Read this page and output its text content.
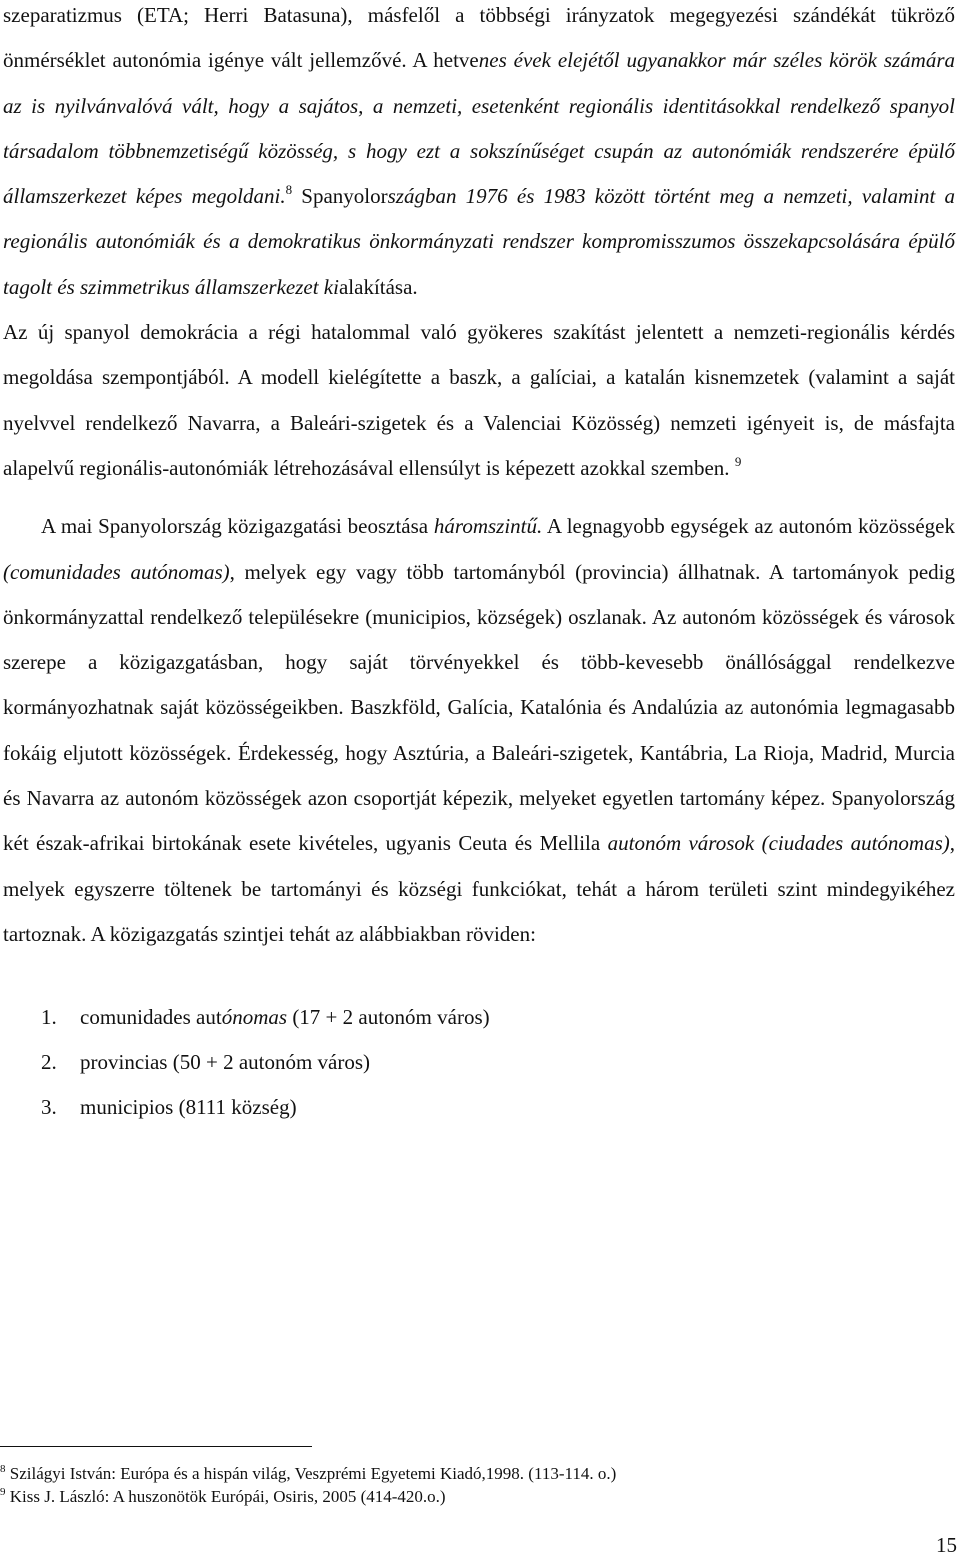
szeparatizmus (ETA; Herri Batasuna), másfelől a többségi irányzatok megegyezési szándékát tükröző önmérséklet autonómia igénye vált jellemzővé. A hetvenes évek elejétől ugyanakkor már széles körök számára az is nyilvánvalóvá vált, hogy a sajátos, a nemzeti, esetenként regionális identitásokkal rendelkező spanyol társadalom többnemzetiségű közösség, s hogy ezt a sokszínűséget csupán az autonómiák rendszerére épülő államszerkezet képes megoldani.$^8$ Spanyolországban 1976 és 1983 között történt meg a nemzeti, valamint a regionális autonómiák és a demokratikus önkormányzati rendszer kompromisszumos összekapcsolására épülő tagolt és szimmetrikus államszerkezet kialakítása.

Az új spanyol demokrácia a régi hatalommal való gyökeres szakítást jelentett a nemzeti-regionális kérdés megoldása szempontjából. A modell kielégítette a baszk, a galíciai, a katalán kisnemzetek (valamint a saját nyelvvel rendelkező Navarra, a Baleári-szigetek és a Valenciai Közösség) nemzeti igényeit is, de másfajta alapelvű regionális-autonómiák létrehozásával ellensúlyt is képezett azokkal szemben. $^9$

A mai Spanyolország közigazgatási beosztása háromszintű. A legnagyobb egységek az autonóm közösségek (comunidades autónomas), melyek egy vagy több tartományból (provincia) állhatnak. A tartományok pedig önkormányzattal rendelkező településekre (municipios, községek) oszlanak. Az autonóm közösségek és városok szerepe a közigazgatásban, hogy saját törvényekkel és több-kevesebb önállósággal rendelkezve kormányozhatnak saját közösségeikben. Baszkföld, Galícia, Katalónia és Andalúzia az autonómia legmagasabb fokáig eljutott közösségek. Érdekesség, hogy Asztúria, a Baleári-szigetek, Kantábria, La Rioja, Madrid, Murcia és Navarra az autonóm közösségek azon csoportját képezik, melyeket egyetlen tartomány képez. Spanyolország két észak-afrikai birtokának esete kivételes, ugyanis Ceuta és Mellila autonóm városok (ciudades autónomas), melyek egyszerre töltenek be tartományi és községi funkciókat, tehát a három területi szint mindegyikéhez tartoznak. A közigazgatás szintjei tehát az alábbiakban röviden:

1.	comunidades autónomas (17 + 2 autonóm város)
2.	provincias (50 + 2 autonóm város)
3.	municipios (8111 község)
$^8$ Szilágyi István: Európa és a hispán világ, Veszprémi Egyetemi Kiadó,1998. (113-114. o.)
$^9$ Kiss J. László: A huszonötök Európái, Osiris, 2005 (414-420.o.)
15
